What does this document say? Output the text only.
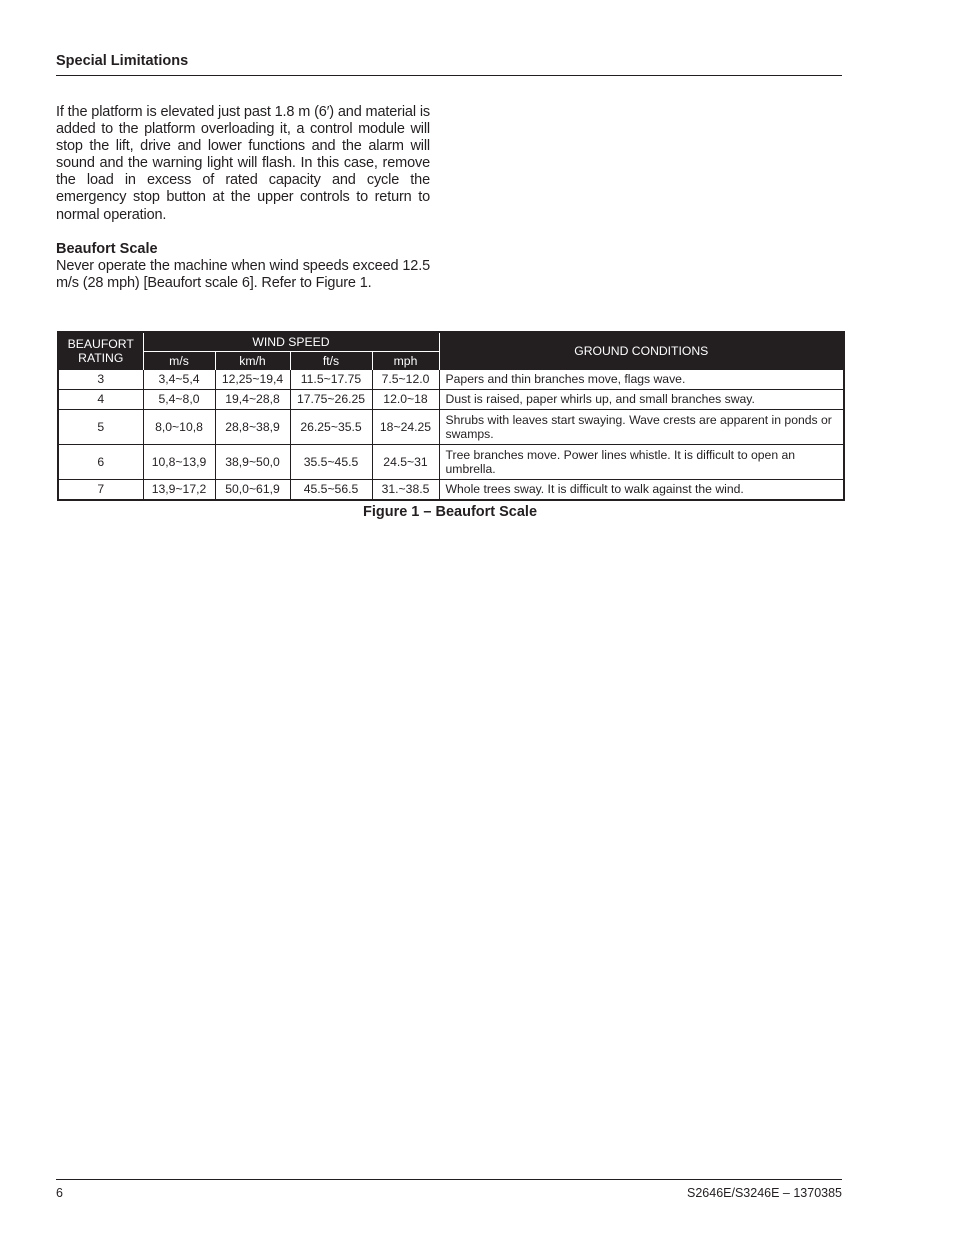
Special Limitations
If the platform is elevated just past 1.8 m (6′) and material is added to the platform overloading it, a control module will stop the lift, drive and lower functions and the alarm will sound and the warning light will flash. In this case, remove the load in excess of rated capacity and cycle the emergency stop button at the upper controls to return to normal operation.
Beaufort Scale
Never operate the machine when wind speeds exceed 12.5 m/s (28 mph) [Beaufort scale 6]. Refer to Figure 1.
BEAUFORT RATING	WIND SPEED				GROUND CONDITIONS
	m/s	km/h	ft/s	mph	
3	3,4~5,4	12,25~19,4	11.5~17.75	7.5~12.0	Papers and thin branches move, flags wave.
4	5,4~8,0	19,4~28,8	17.75~26.25	12.0~18	Dust is raised, paper whirls up, and small branches sway.
5	8,0~10,8	28,8~38,9	26.25~35.5	18~24.25	Shrubs with leaves start swaying. Wave crests are apparent in ponds or swamps.
6	10,8~13,9	38,9~50,0	35.5~45.5	24.5~31	Tree branches move. Power lines whistle. It is difficult to open an umbrella.
7	13,9~17,2	50,0~61,9	45.5~56.5	31.~38.5	Whole trees sway. It is difficult to walk against the wind.
Figure 1 – Beaufort Scale
6	S2646E/S3246E – 1370385
